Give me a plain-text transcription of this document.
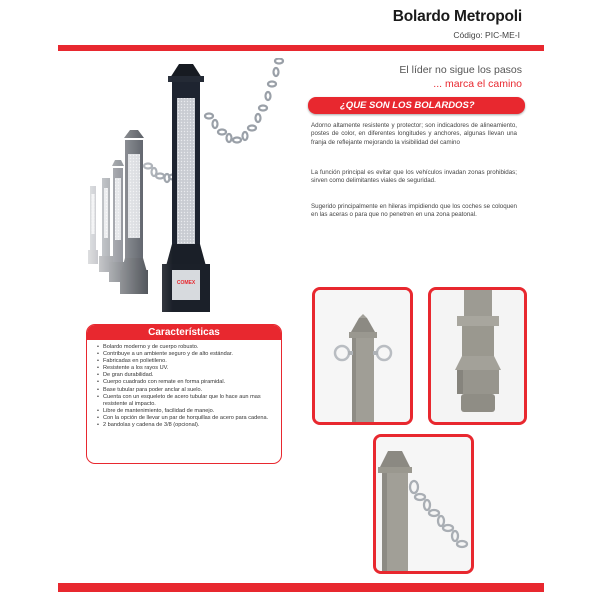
Bolardo Metropoli
Código: PIC-ME-I
El líder no sigue los pasos
... marca el camino
¿QUE SON LOS BOLARDOS?
Adorno altamente resistente y protector; son indicadores de alineamiento, postes de color, en diferentes longitudes y anchores, algunas llevan una franja de reflejante mejorando la visibilidad del camino
La función principal es evitar que los vehículos invadan zonas prohibidas; sirven como delimitantes viales de seguridad.
Sugerido principalmente en hileras impidiendo que los coches se coloquen en las aceras o para que no penetren en una zona peatonal.
Características
• Bolardo moderno y de cuerpo robusto.
• Contribuye a un ambiente seguro y de alto estándar.
• Fabricadas en polietileno.
• Resistente a los rayos UV.
• De gran durabilidad.
• Cuerpo cuadrado con remate en forma piramidal.
• Base tubular para poder anclar al suelo.
• Cuenta con un esqueleto de acero tubular que lo hace aun mas resistente al impacto.
• Libre de mantenimiento, facilidad de manejo.
• Con la opción de llevar un par de horquillas de acero para cadena.
• 2 bandolas y cadena de 3/8 (opcional).
